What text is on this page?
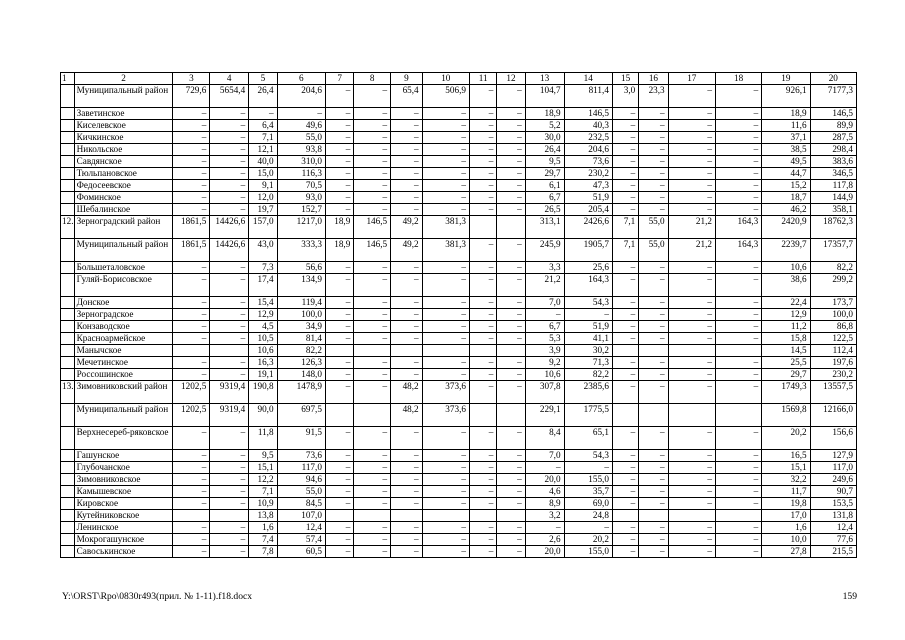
1	2	3	4	5	6	7	8	9	10	11	12	13	14	15	16	17	18	19	20
	Муниципальный район	729,6	5654,4	26,4	204,6	–	–	65,4	506,9	–	–	104,7	811,4	3,0	23,3	–	–	926,1	7177,3
	Заветинское	–	–	–	–	–	–	–	–	–	–	18,9	146,5	–	–	–	–	18,9	146,5
	Киселевское	–	–	6,4	49,6	–	–	–	–	–	–	5,2	40,3	–	–	–	–	11,6	89,9
	Кичкинское	–	–	7,1	55,0	–	–	–	–	–	–	30,0	232,5	–	–	–	–	37,1	287,5
	Никольское	–	–	12,1	93,8	–	–	–	–	–	–	26,4	204,6	–	–	–	–	38,5	298,4
	Савдянское	–	–	40,0	310,0	–	–	–	–	–	–	9,5	73,6	–	–	–	–	49,5	383,6
	Тюльпановское	–	–	15,0	116,3	–	–	–	–	–	–	29,7	230,2	–	–	–	–	44,7	346,5
	Федосеевское	–	–	9,1	70,5	–	–	–	–	–	–	6,1	47,3	–	–	–	–	15,2	117,8
	Фоминское	–	–	12,0	93,0	–	–	–	–	–	–	6,7	51,9	–	–	–	–	18,7	144,9
	Шебалинское	–	–	19,7	152,7	–	–	–	–	–	–	26,5	205,4	–	–	–	–	46,2	358,1
12.	Зерноградский район	1861,5	14426,6	157,0	1217,0	18,9	146,5	49,2	381,3			313,1	2426,6	7,1	55,0	21,2	164,3	2420,9	18762,3
	Муниципальный район	1861,5	14426,6	43,0	333,3	18,9	146,5	49,2	381,3	–	–	245,9	1905,7	7,1	55,0	21,2	164,3	2239,7	17357,7
	Большеталовское	–	–	7,3	56,6	–	–	–	–	–	–	3,3	25,6	–	–	–	–	10,6	82,2
	Гуляй-Борисовское	–	–	17,4	134,9	–	–	–	–	–	–	21,2	164,3	–	–	–	–	38,6	299,2
	Донское	–	–	15,4	119,4	–	–	–	–	–	–	7,0	54,3	–	–	–	–	22,4	173,7
	Зерноградское	–	–	12,9	100,0	–	–	–	–	–	–	–	–	–	–	–	–	12,9	100,0
	Конзаводское	–	–	4,5	34,9	–	–	–	–	–	–	6,7	51,9	–	–	–	–	11,2	86,8
	Красноармейское	–	–	10,5	81,4	–	–	–	–	–	–	5,3	41,1	–	–	–	–	15,8	122,5
	Манычское			10,6	82,2							3,9	30,2					14,5	112,4
	Мечетинское	–	–	16,3	126,3	–	–	–	–	–	–	9,2	71,3	–	–	–	–	25,5	197,6
	Россошинское	–	–	19,1	148,0	–	–	–	–	–	–	10,6	82,2	–	–	–	–	29,7	230,2
13.	Зимовниковский район	1202,5	9319,4	190,8	1478,9	–	–	48,2	373,6	–	–	307,8	2385,6	–	–	–	–	1749,3	13557,5
	Муниципальный район	1202,5	9319,4	90,0	697,5			48,2	373,6			229,1	1775,5					1569,8	12166,0
	Верхнесереб-ряковское	–	–	11,8	91,5	–	–	–	–	–	–	8,4	65,1	–	–	–	–	20,2	156,6
	Гашунское	–	–	9,5	73,6	–	–	–	–	–	–	7,0	54,3	–	–	–	–	16,5	127,9
	Глубочанское	–	–	15,1	117,0	–	–	–	–	–	–	–	–	–	–	–	–	15,1	117,0
	Зимовниковское	–	–	12,2	94,6	–	–	–	–	–	–	20,0	155,0	–	–	–	–	32,2	249,6
	Камышевское	–	–	7,1	55,0	–	–	–	–	–	–	4,6	35,7	–	–	–	–	11,7	90,7
	Кировское	–	–	10,9	84,5	–	–	–	–	–	–	8,9	69,0	–	–	–	–	19,8	153,5
	Кутейниковское			13,8	107,0							3,2	24,8					17,0	131,8
	Ленинское	–	–	1,6	12,4	–	–	–	–	–	–	–	–	–	–	–	–	1,6	12,4
	Мокрогашунское	–	–	7,4	57,4	–	–	–	–	–	–	2,6	20,2	–	–	–	–	10,0	77,6
	Савоськинское	–	–	7,8	60,5	–	–	–	–	–	–	20,0	155,0	–	–	–	–	27,8	215,5
Y:\ORST\Rpo\0830r493(прил. № 1-11).f18.docx	159
